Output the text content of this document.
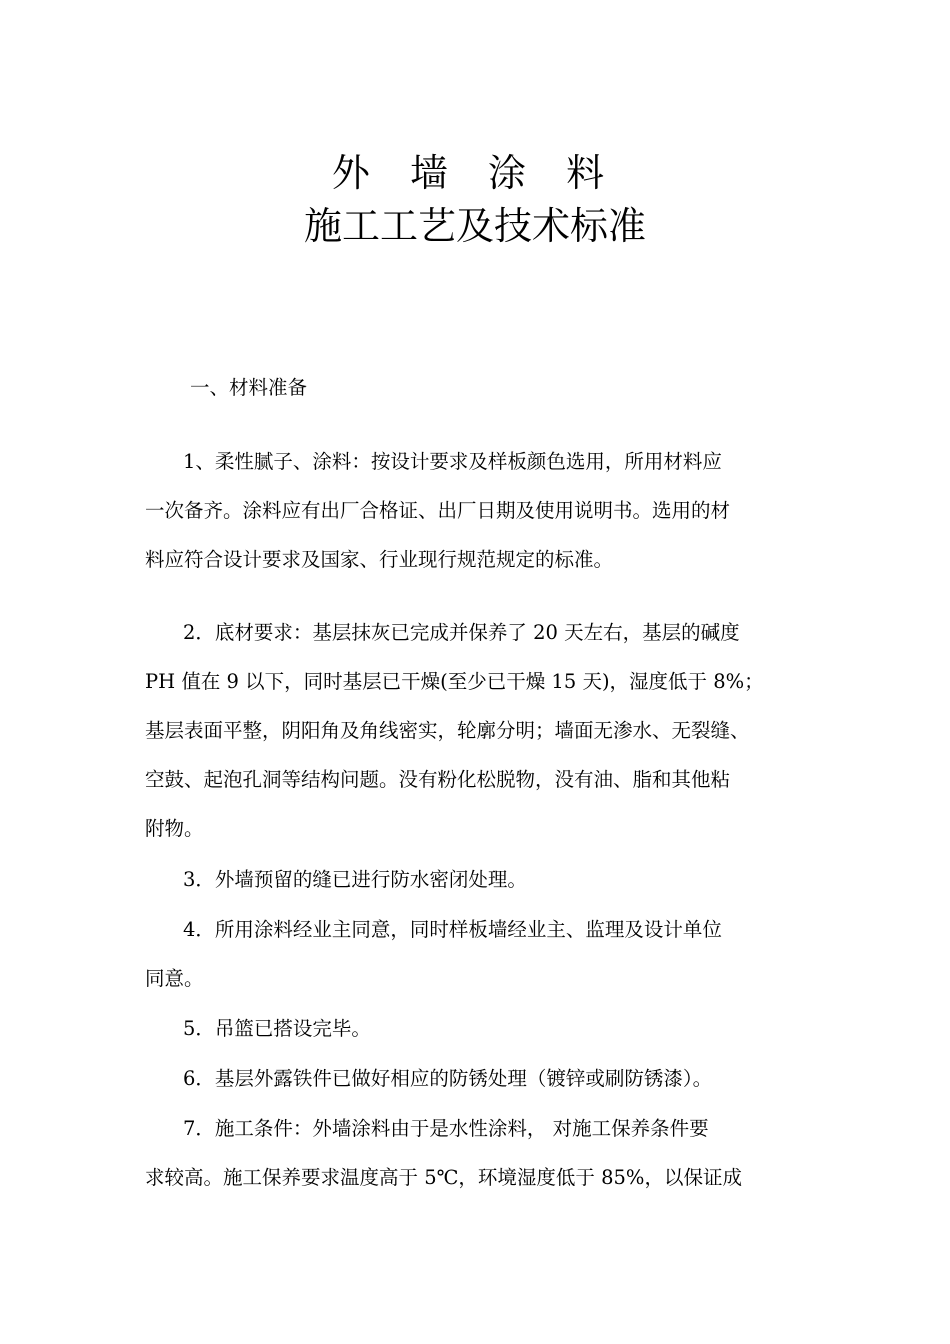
外 墙 涂 料
施工工艺及技术标准

一、材料准备

1、柔性腻子、涂料：按设计要求及样板颜色选用，所用材料应

一次备齐。涂料应有出厂合格证、出厂日期及使用说明书。选用的材

料应符合设计要求及国家、行业现行规范规定的标准。

2．底材要求：基层抹灰已完成并保养了 20 天左右，基层的碱度

PH 值在 9 以下，同时基层已干燥(至少已干燥 15 天)，湿度低于 8%；

基层表面平整，阴阳角及角线密实，轮廓分明；墙面无渗水、无裂缝、

空鼓、起泡孔洞等结构问题。没有粉化松脱物，没有油、脂和其他粘

附物。

3．外墙预留的缝已进行防水密闭处理。

4．所用涂料经业主同意，同时样板墙经业主、监理及设计单位

同意。

5．吊篮已搭设完毕。

6．基层外露铁件已做好相应的防锈处理（镀锌或刷防锈漆）。

7．施工条件：外墙涂料由于是水性涂料， 对施工保养条件要

求较高。施工保养要求温度高于 5℃，环境湿度低于 85%，以保证成
